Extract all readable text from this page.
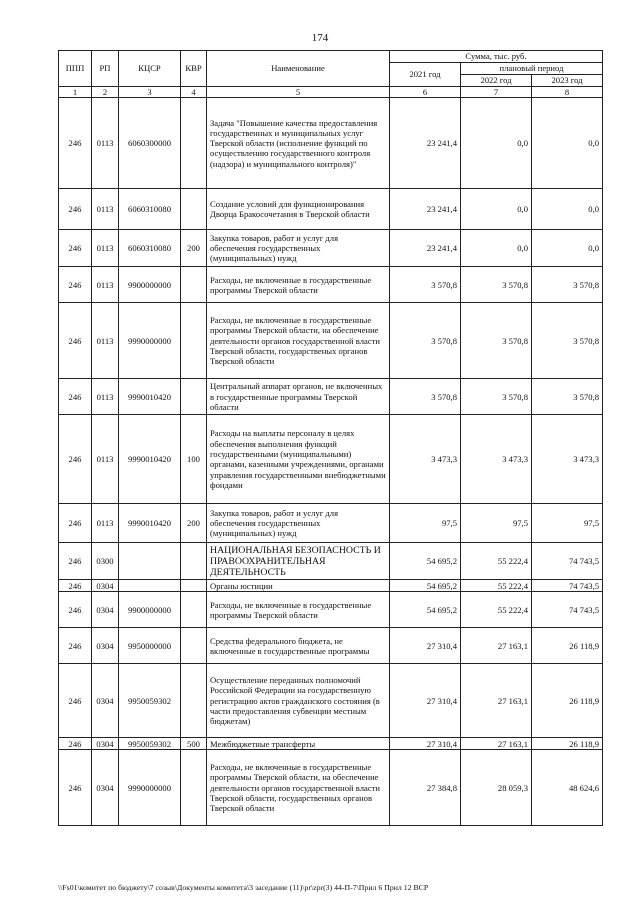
174
ППП	РП	КЦСР	КВР	Наименование	Сумма, тыс. руб.		
					2021 год	плановый период	
						2022 год	2023 год
1	2	3	4	5	6	7	8
246	0113	6060300000		Задача "Повышение качества предоставления государственных и муниципальных услуг Тверской области (исполнение функций по осуществлению государственного контроля (надзора) и муниципального контроля)"	23 241,4	0,0	0,0
246	0113	6060310080		Создание условий для функционирования Дворца Бракосочетания в Тверской области	23 241,4	0,0	0,0
246	0113	6060310080	200	Закупка товаров, работ и услуг для обеспечения государственных (муниципальных) нужд	23 241,4	0,0	0,0
246	0113	9900000000		Расходы, не включенные в государственные программы Тверской области	3 570,8	3 570,8	3 570,8
246	0113	9990000000		Расходы, не включенные в государственные программы Тверской области, на обеспечение деятельности органов государственной власти Тверской области, государственых органов Тверской области	3 570,8	3 570,8	3 570,8
246	0113	9990010420		Центральный аппарат органов, не включенных в государственные программы Тверской области	3 570,8	3 570,8	3 570,8
246	0113	9990010420	100	Расходы на выплаты персоналу в целях обеспечения выполнения функций государственными (муниципальными) органами, казенными учреждениями, органами управления государственными внебюджетными фондами	3 473,3	3 473,3	3 473,3
246	0113	9990010420	200	Закупка товаров, работ и услуг для обеспечения государственных (муниципальных) нужд	97,5	97,5	97,5
246	0300			НАЦИОНАЛЬНАЯ БЕЗОПАСНОСТЬ И ПРАВООХРАНИТЕЛЬНАЯ ДЕЯТЕЛЬНОСТЬ	54 695,2	55 222,4	74 743,5
246	0304			Органы юстиции	54 695,2	55 222,4	74 743,5
246	0304	9900000000		Расходы, не включенные в государственные программы Тверской области	54 695,2	55 222,4	74 743,5
246	0304	9950000000		Средства федерального бюджета, не включенные в государственные программы	27 310,4	27 163,1	26 118,9
246	0304	9950059302		Осуществление переданных полномочий Российской Федерации на государственную регистрацию актов гражданского состояния (в части предоставления субвенции местным бюджетам)	27 310,4	27 163,1	26 118,9
246	0304	9950059302	500	Межбюджетные трансферты	27 310,4	27 163,1	26 118,9
246	0304	9990000000		Расходы, не включенные в государственные программы Тверской области, на обеспечение деятельности органов государственной власти Тверской области, государственных органов Тверской области	27 384,8	28 059,3	48 624,6
\\Fs01\комитет по бюджету\7 созыв\Документы комитета\3 заседание (11)\pr\zpr(3) 44-П-7\Прил 6 Прил 12 ВСР
